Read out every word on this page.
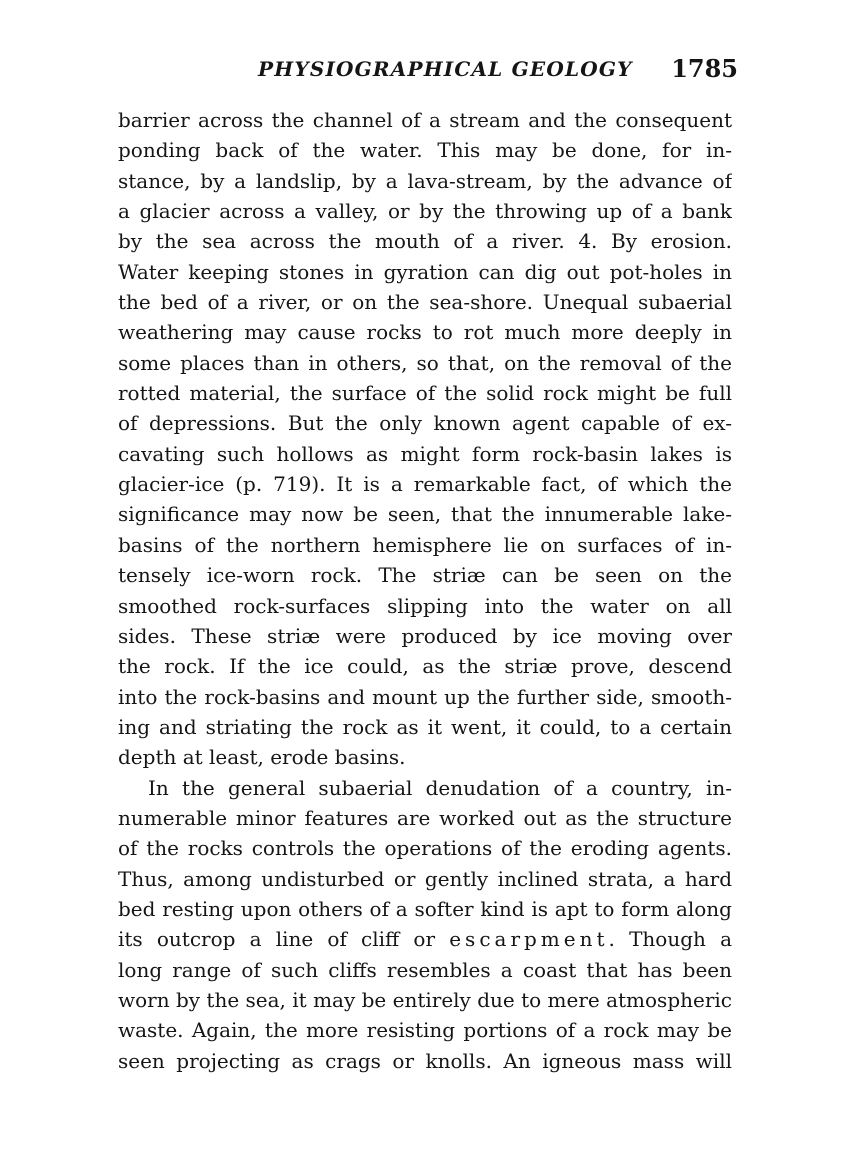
PHYSIOGRAPHICAL GEOLOGY 1785
barrier across the channel of a stream and the consequent
ponding back of the water. This may be done, for in-
stance, by a landslip, by a lava-stream, by the advance of
a glacier across a valley, or by the throwing up of a bank
by the sea across the mouth of a river. 4. By erosion.
Water keeping stones in gyration can dig out pot-holes in
the bed of a river, or on the sea-shore. Unequal subaerial
weathering may cause rocks to rot much more deeply in
some places than in others, so that, on the removal of the
rotted material, the surface of the solid rock might be full
of depressions. But the only known agent capable of ex-
cavating such hollows as might form rock-basin lakes is
glacier-ice (p. 719). It is a remarkable fact, of which the
significance may now be seen, that the innumerable lake-
basins of the northern hemisphere lie on surfaces of in-
tensely ice-worn rock. The striæ can be seen on the
smoothed rock-surfaces slipping into the water on all
sides. These striæ were produced by ice moving over
the rock. If the ice could, as the striæ prove, descend
into the rock-basins and mount up the further side, smooth-
ing and striating the rock as it went, it could, to a certain
depth at least, erode basins.
In the general subaerial denudation of a country, in-
numerable minor features are worked out as the structure
of the rocks controls the operations of the eroding agents.
Thus, among undisturbed or gently inclined strata, a hard
bed resting upon others of a softer kind is apt to form along
its outcrop a line of cliff or escarpment. Though a
long range of such cliffs resembles a coast that has been
worn by the sea, it may be entirely due to mere atmospheric
waste. Again, the more resisting portions of a rock may be
seen projecting as crags or knolls. An igneous mass will
